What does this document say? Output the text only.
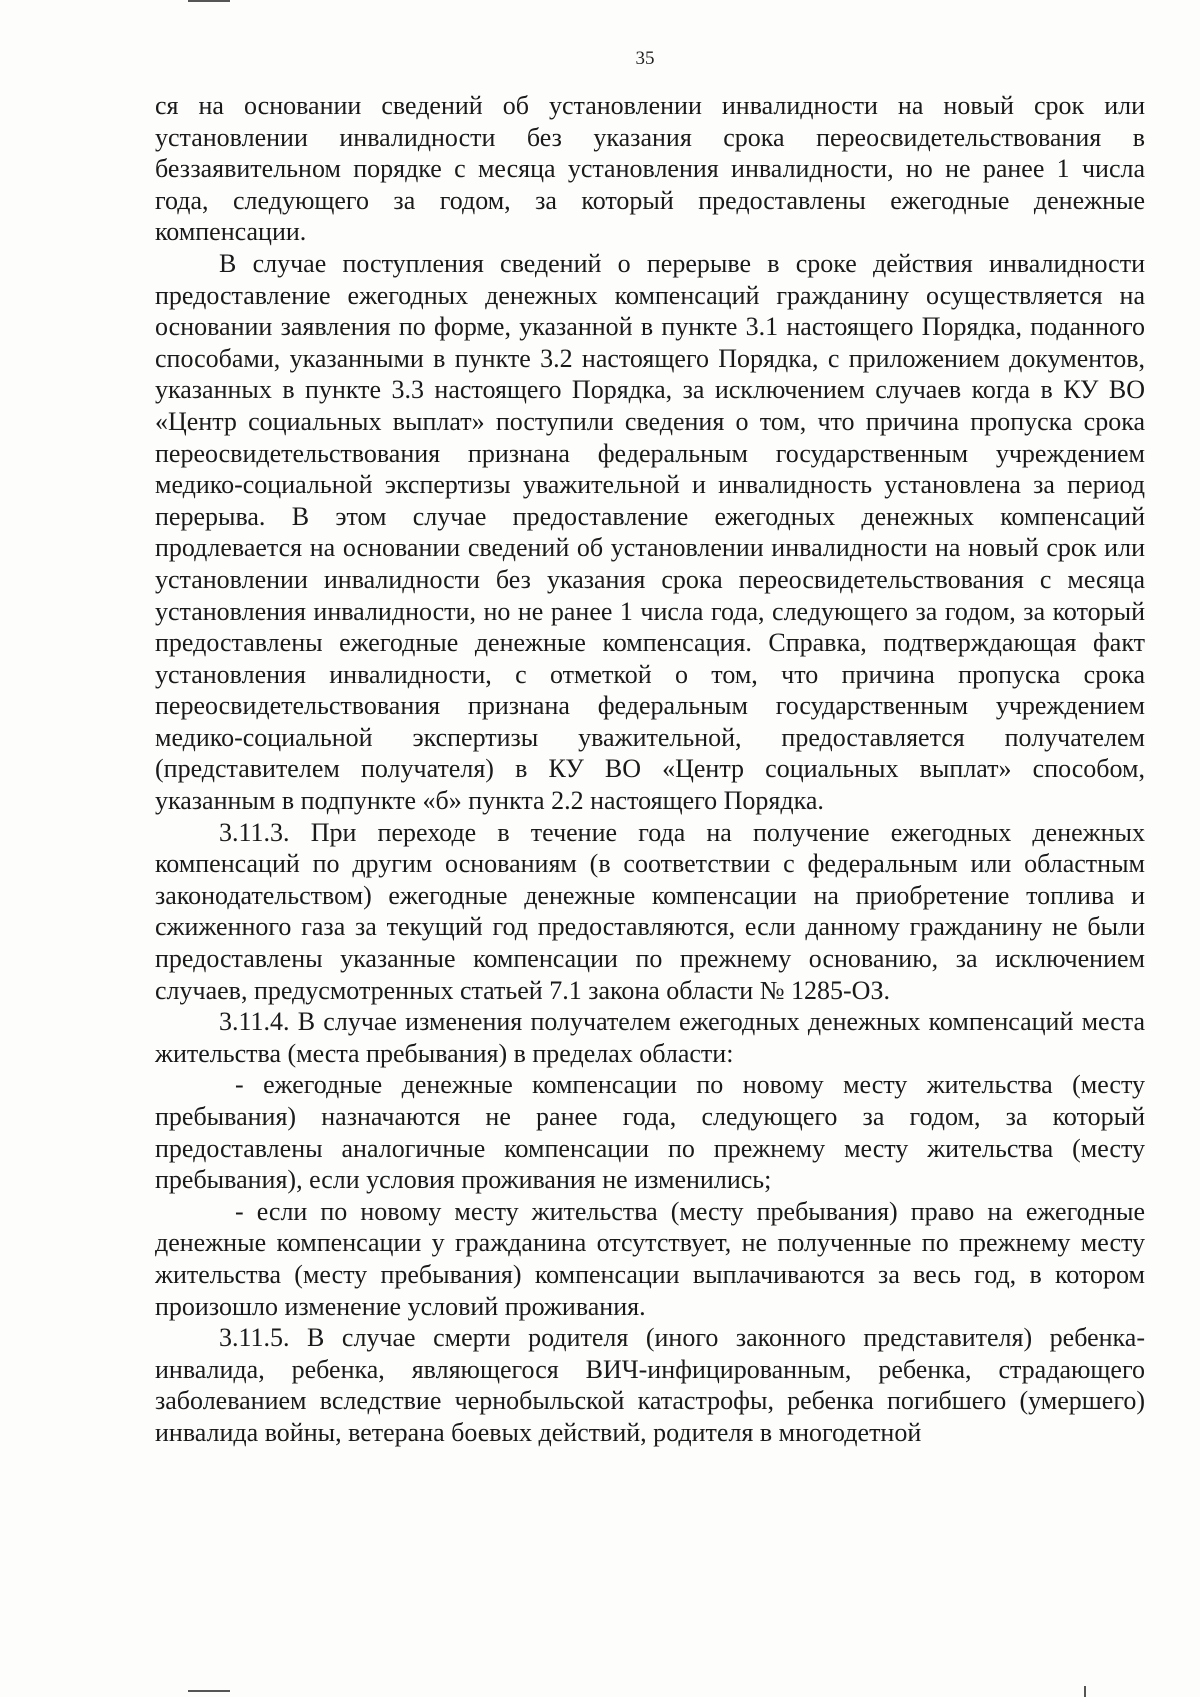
35

ся на основании сведений об установлении инвалидности на новый срок или установлении инвалидности без указания срока переосвидетельствования в беззаявительном порядке с месяца установления инвалидности, но не ранее 1 числа года, следующего за годом, за который предоставлены ежегодные денежные компенсации.

В случае поступления сведений о перерыве в сроке действия инвалидности предоставление ежегодных денежных компенсаций гражданину осуществляется на основании заявления по форме, указанной в пункте 3.1 настоящего Порядка, поданного способами, указанными в пункте 3.2 настоящего Порядка, с приложением документов, указанных в пункте 3.3 настоящего Порядка, за исключением случаев когда в КУ ВО «Центр социальных выплат» поступили сведения о том, что причина пропуска срока переосвидетельствования признана федеральным государственным учреждением медико-социальной экспертизы уважительной и инвалидность установлена за период перерыва. В этом случае предоставление ежегодных денежных компенсаций продлевается на основании сведений об установлении инвалидности на новый срок или установлении инвалидности без указания срока переосвидетельствования с месяца установления инвалидности, но не ранее 1 числа года, следующего за годом, за который предоставлены ежегодные денежные компенсация. Справка, подтверждающая факт установления инвалидности, с отметкой о том, что причина пропуска срока переосвидетельствования признана федеральным государственным учреждением медико-социальной экспертизы уважительной, предоставляется получателем (представителем получателя) в КУ ВО «Центр социальных выплат» способом, указанным в подпункте «б» пункта 2.2 настоящего Порядка.

3.11.3. При переходе в течение года на получение ежегодных денежных компенсаций по другим основаниям (в соответствии с федеральным или областным законодательством) ежегодные денежные компенсации на приобретение топлива и сжиженного газа за текущий год предоставляются, если данному гражданину не были предоставлены указанные компенсации по прежнему основанию, за исключением случаев, предусмотренных статьей 7.1 закона области № 1285-ОЗ.

3.11.4. В случае изменения получателем ежегодных денежных компенсаций места жительства (места пребывания) в пределах области:

- ежегодные денежные компенсации по новому месту жительства (месту пребывания) назначаются не ранее года, следующего за годом, за который предоставлены аналогичные компенсации по прежнему месту жительства (месту пребывания), если условия проживания не изменились;

- если по новому месту жительства (месту пребывания) право на ежегодные денежные компенсации у гражданина отсутствует, не полученные по прежнему месту жительства (месту пребывания) компенсации выплачиваются за весь год, в котором произошло изменение условий проживания.

3.11.5. В случае смерти родителя (иного законного представителя) ребенка-инвалида, ребенка, являющегося ВИЧ-инфицированным, ребенка, страдающего заболеванием вследствие чернобыльской катастрофы, ребенка погибшего (умершего) инвалида войны, ветерана боевых действий, родителя в многодетной
